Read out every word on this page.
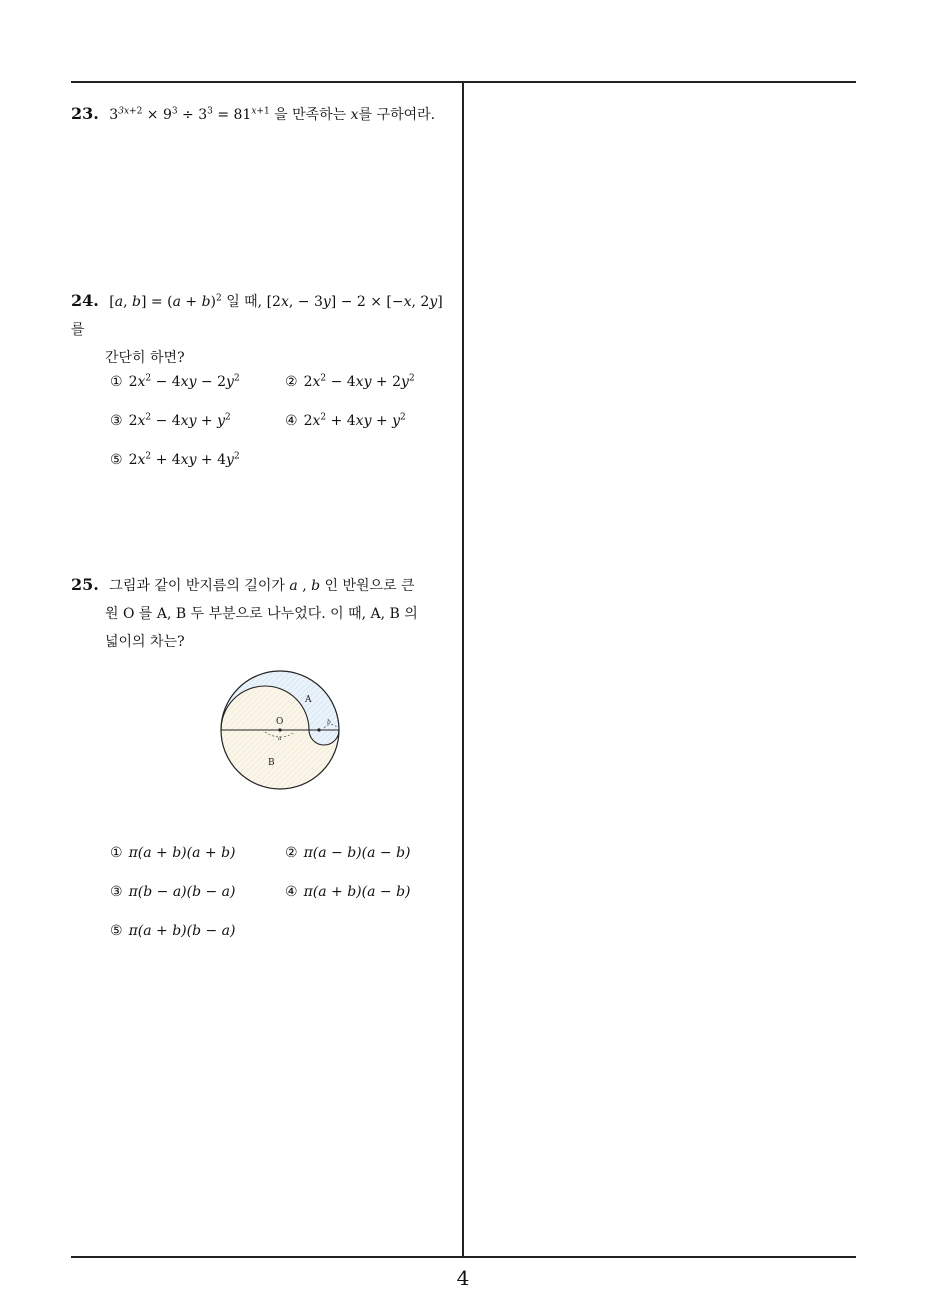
23. $3^{3x+2} \times 9^3 \div 3^3 = 81^{x+1}$ 을 만족하는 x를 구하여라.
24. [a, $b] = (a + b)^2$ 일 때, [2x, − 3y] − 2 × [−x, 2y] 를
간단히 하면?
① $2x^2 - 4xy - 2y^2$	② $2x^2 - 4xy + 2y^2$
③ $2x^2 - 4xy + y^2$	④ $2x^2 + 4xy + y^2$
⑤ $2x^2 + 4xy + 4y^2$
25. 그림과 같이 반지름의 길이가 a , b 인 반원으로 큰
원 O 를 A, B 두 부분으로 나누었다. 이 때, A, B 의
넓이의 차는?
A
B
O
a
b
① π(a + b)(a + b)	② π(a − b)(a − b)
③ π(b − a)(b − a)	④ π(a + b)(a − b)
⑤ π(a + b)(b − a)
4
